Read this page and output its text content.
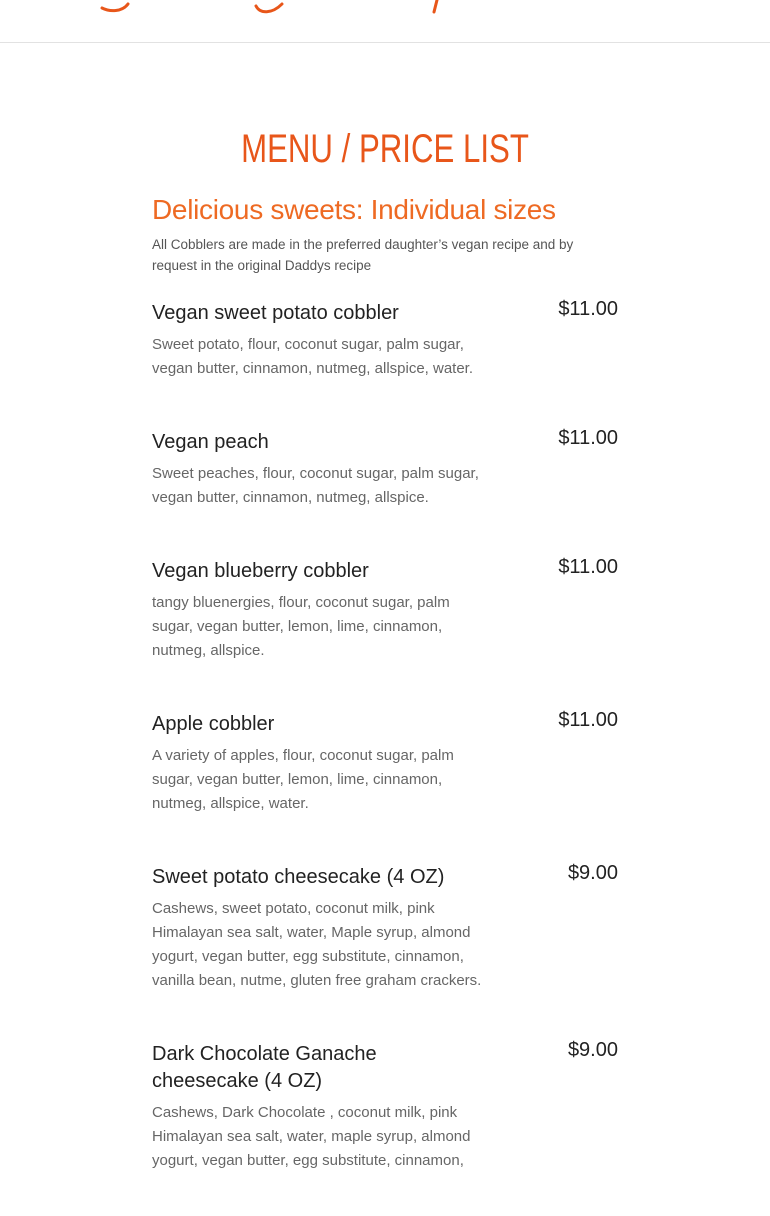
MENU / PRICE LIST
Delicious sweets: Individual sizes

All Cobblers are made in the preferred daughter’s vegan recipe and by request in the original Daddys recipe

Vegan sweet potato cobbler	$11.00

Sweet potato, flour, coconut sugar, palm sugar, vegan butter, cinnamon, nutmeg, allspice, water.

Vegan peach	$11.00

Sweet peaches, flour, coconut sugar, palm sugar, vegan butter, cinnamon, nutmeg, allspice.

Vegan blueberry cobbler	$11.00

tangy bluenergies, flour, coconut sugar, palm sugar, vegan butter, lemon, lime, cinnamon, nutmeg, allspice.

Apple cobbler	$11.00

A variety of apples, flour, coconut sugar, palm sugar, vegan butter, lemon, lime, cinnamon, nutmeg, allspice, water.

Sweet potato cheesecake (4 OZ)	$9.00

Cashews, sweet potato, coconut milk, pink Himalayan sea salt, water, Maple syrup, almond yogurt, vegan butter, egg substitute, cinnamon, vanilla bean, nutme, gluten free graham crackers.

Dark Chocolate Ganache cheesecake (4 OZ)
$9.00

Cashews, Dark Chocolate , coconut milk, pink Himalayan sea salt, water, maple syrup, almond yogurt, vegan butter, egg substitute, cinnamon,
